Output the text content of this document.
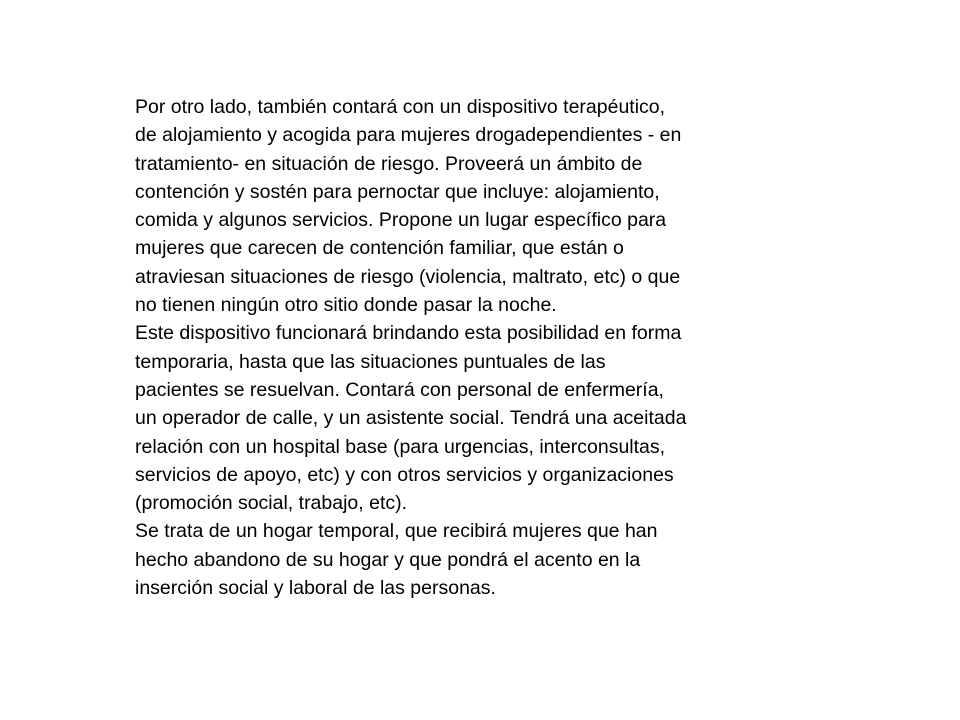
Por otro lado, también contará con un dispositivo terapéutico,
de alojamiento y acogida para mujeres drogadependientes - en
tratamiento- en situación de riesgo. Proveerá un ámbito de
contención y sostén para pernoctar que incluye: alojamiento,
comida y algunos servicios. Propone un lugar específico para
mujeres que carecen de contención familiar, que están o
atraviesan situaciones de riesgo (violencia, maltrato, etc) o que
no tienen ningún otro sitio donde pasar la noche.
Este dispositivo funcionará brindando esta posibilidad en forma
temporaria, hasta que las situaciones puntuales de las
pacientes se resuelvan. Contará con personal de enfermería,
un operador de calle, y un asistente social. Tendrá una aceitada
relación con un hospital base (para urgencias, interconsultas,
servicios de apoyo, etc) y con otros servicios y organizaciones
(promoción social, trabajo, etc).
Se trata de un hogar temporal, que recibirá mujeres que han
hecho abandono de su hogar y que pondrá el acento en la
inserción social y laboral de las personas.
